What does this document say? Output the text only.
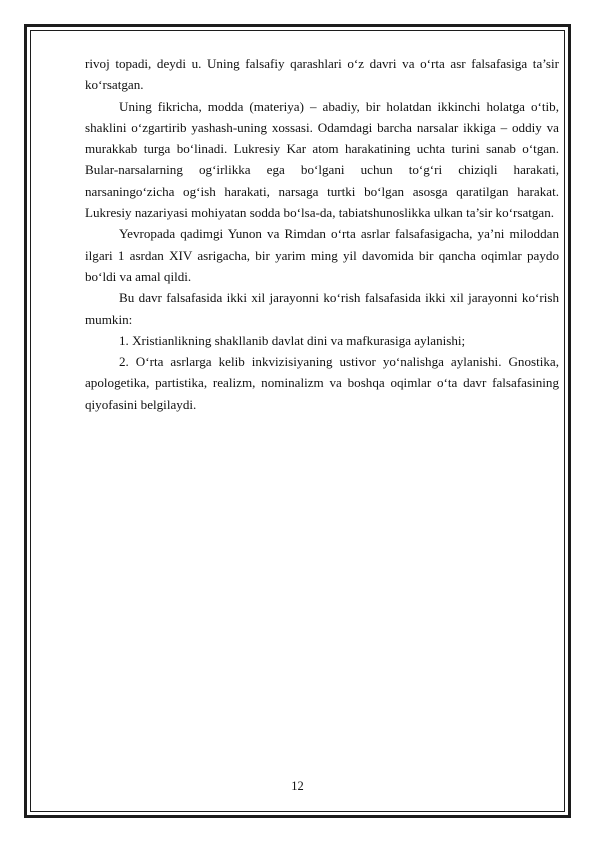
rivoj topadi, deydi u. Uning falsafiy qarashlari o‘z davri va o‘rta asr falsafasiga ta’sir ko‘rsatgan.

Uning fikricha, modda (materiya) – abadiy, bir holatdan ikkinchi holatga o‘tib, shaklini o‘zgartirib yashash-uning xossasi. Odamdagi barcha narsalar ikkiga – oddiy va murakkab turga bo‘linadi. Lukresiy Kar atom harakatining uchta turini sanab o‘tgan. Bular-narsalarning og‘irlikka ega bo‘lgani uchun to‘g‘ri chiziqli harakati, narsaningo‘zicha og‘ish harakati, narsaga turtki bo‘lgan asosga qaratilgan harakat. Lukresiy nazariyasi mohiyatan sodda bo‘lsa-da, tabiatshunoslikka ulkan ta’sir ko‘rsatgan.

Yevropada qadimgi Yunon va Rimdan o‘rta asrlar falsafasigacha, ya’ni miloddan ilgari 1 asrdan XIV asrigacha, bir yarim ming yil davomida bir qancha oqimlar paydo bo‘ldi va amal qildi.

Bu davr falsafasida ikki xil jarayonni ko‘rish falsafasida ikki xil jarayonni ko‘rish mumkin:

1. Xristianlikning shakllanib davlat dini va mafkurasiga aylanishi;

2. O‘rta asrlarga kelib inkvizisiyaning ustivor yo‘nalishga aylanishi. Gnostika, apologetika, partistika, realizm, nominalizm va boshqa oqimlar o‘ta davr falsafasining qiyofasini belgilaydi.

12
